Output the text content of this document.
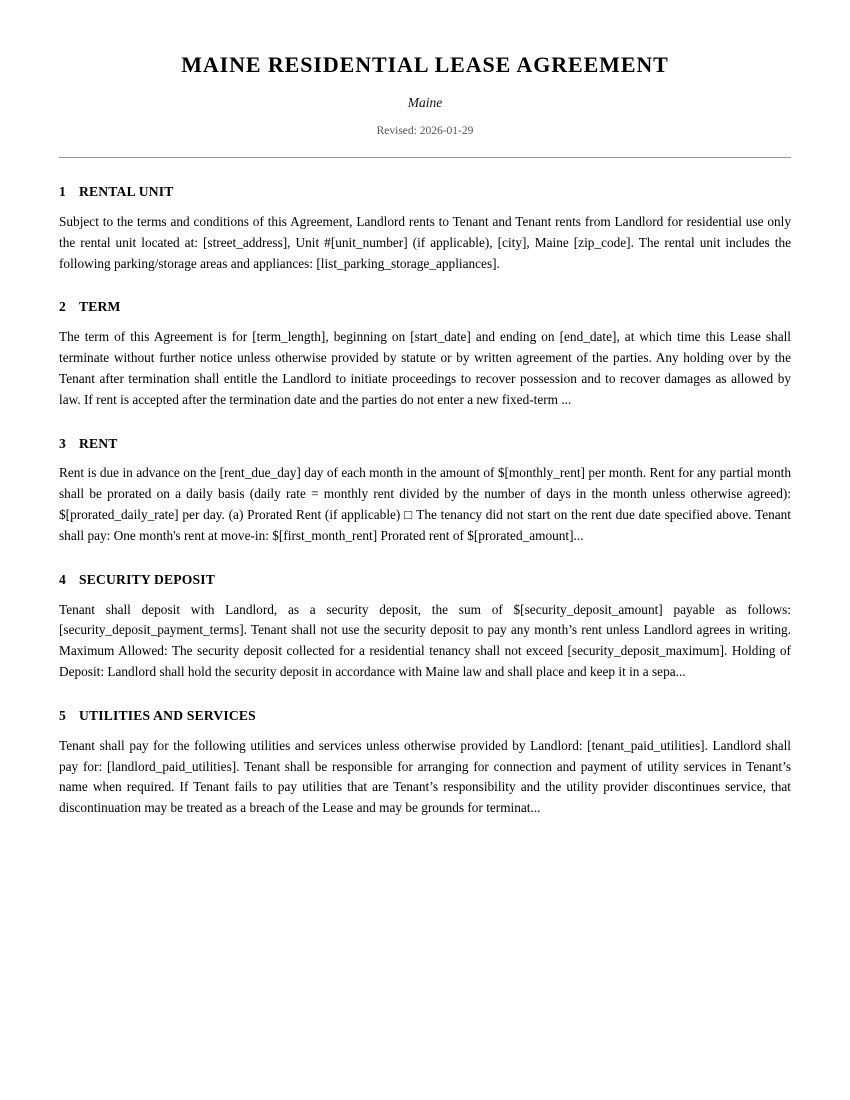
MAINE RESIDENTIAL LEASE AGREEMENT

Maine

Revised: 2026-01-29

1 RENTAL UNIT

Subject to the terms and conditions of this Agreement, Landlord rents to Tenant and Tenant rents from Landlord for residential use only the rental unit located at: [street_address], Unit #[unit_number] (if applicable), [city], Maine [zip_code]. The rental unit includes the following parking/storage areas and appliances: [list_parking_storage_appliances].

2 TERM

The term of this Agreement is for [term_length], beginning on [start_date] and ending on [end_date], at which time this Lease shall terminate without further notice unless otherwise provided by statute or by written agreement of the parties. Any holding over by the Tenant after termination shall entitle the Landlord to initiate proceedings to recover possession and to recover damages as allowed by law. If rent is accepted after the termination date and the parties do not enter a new fixed-term ...

3 RENT

Rent is due in advance on the [rent_due_day] day of each month in the amount of $[monthly_rent] per month. Rent for any partial month shall be prorated on a daily basis (daily rate = monthly rent divided by the number of days in the month unless otherwise agreed): $[prorated_daily_rate] per day. (a) Prorated Rent (if applicable) □ The tenancy did not start on the rent due date specified above. Tenant shall pay: One month's rent at move-in: $[first_month_rent] Prorated rent of $[prorated_amount]...

4 SECURITY DEPOSIT

Tenant shall deposit with Landlord, as a security deposit, the sum of $[security_deposit_amount] payable as follows: [security_deposit_payment_terms]. Tenant shall not use the security deposit to pay any month’s rent unless Landlord agrees in writing. Maximum Allowed: The security deposit collected for a residential tenancy shall not exceed [security_deposit_maximum]. Holding of Deposit: Landlord shall hold the security deposit in accordance with Maine law and shall place and keep it in a sepa...

5 UTILITIES AND SERVICES

Tenant shall pay for the following utilities and services unless otherwise provided by Landlord: [tenant_paid_utilities]. Landlord shall pay for: [landlord_paid_utilities]. Tenant shall be responsible for arranging for connection and payment of utility services in Tenant’s name when required. If Tenant fails to pay utilities that are Tenant’s responsibility and the utility provider discontinues service, that discontinuation may be treated as a breach of the Lease and may be grounds for terminat...
